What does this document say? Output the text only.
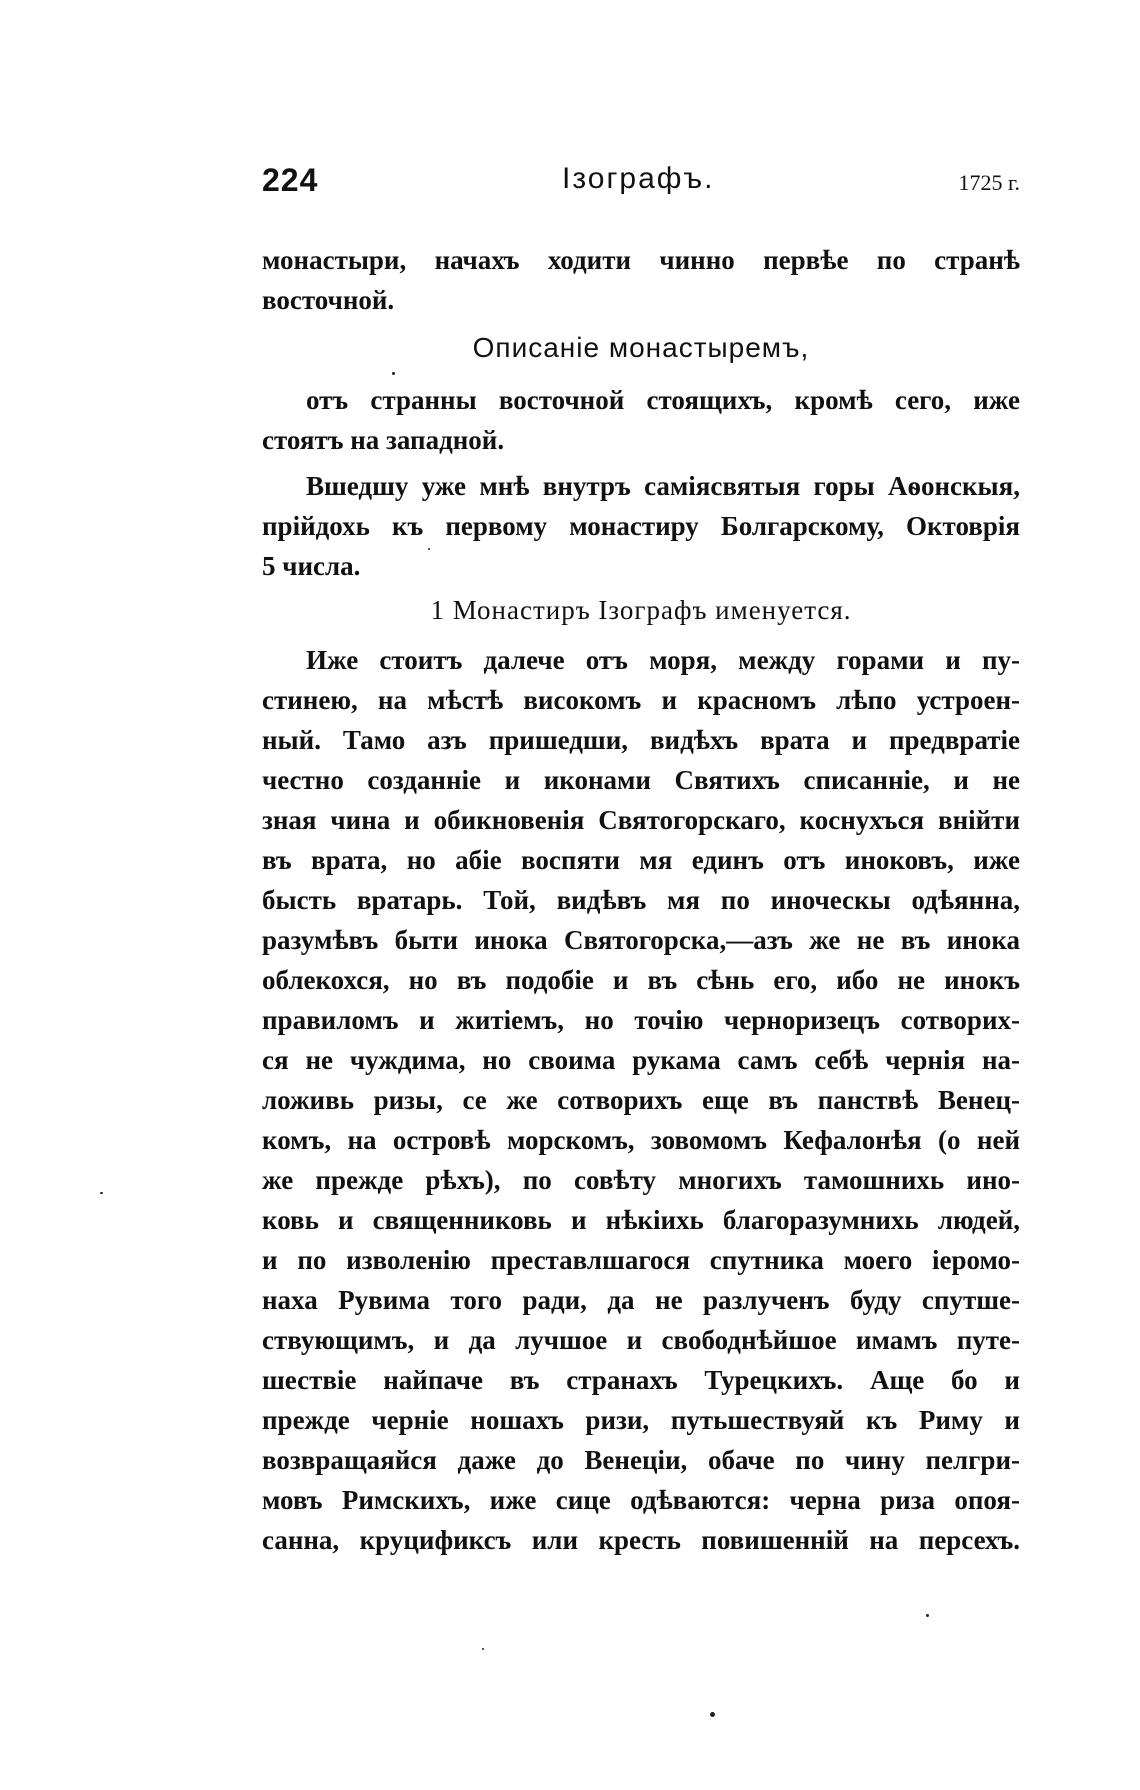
224	Ізографъ.	1725 г.
монастыри, начахъ ходити чинно первѣе по странѣ
восточной.
Описаніе монастыремъ,
отъ странны восточной стоящихъ, кромѣ сего, иже
стоятъ на западной.
Вшедшу уже мнѣ внутръ саміясвятыя горы Аѳонскыя,
прійдохь къ первому монастиру Болгарскому, Октоврія
5 числа.
1 Монастиръ Ізографъ именуется.
Иже стоитъ далече отъ моря, между горами и пу-
стинею, на мѣстѣ високомъ и красномъ лѣпо устроен-
ный. Тамо азъ пришедши, видѣхъ врата и предвратіе
честно созданніе и иконами Святихъ списанніе, и не
зная чина и обикновенія Святогорскаго, коснухъся внійти
въ врата, но абіе воспяти мя единъ отъ иноковъ, иже
бысть вратарь. Той, видѣвъ мя по иноческы одѣянна,
разумѣвъ быти инока Святогорска,—азъ же не въ инока
облекохся, но въ подобіе и въ сѣнь его, ибо не инокъ
правиломъ и житіемъ, но точію черноризецъ сотворих-
ся не чуждима, но своима рукама самъ себѣ чернія на-
ложивь ризы, се же сотворихъ еще въ панствѣ Венец-
комъ, на островѣ морскомъ, зовомомъ Кефалонѣя (о ней
же прежде рѣхъ), по совѣту многихъ тамошнихь ино-
ковь и священниковь и нѣкіихь благоразумнихь людей,
и по изволенію преставлшагося спутника моего іеромо-
наха Рувима того ради, да не разлученъ буду спутше-
ствующимъ, и да лучшое и свободнѣйшое имамъ путе-
шествіе найпаче въ странахъ Турецкихъ. Аще бо и
прежде черніе ношахъ ризи, путьшествуяй къ Риму и
возвращаяйся даже до Венеціи, обаче по чину пелгри-
мовъ Римскихъ, иже сице одѣваются: черна риза опоя-
санна, круцификсъ или кресть повишенній на персехъ.
